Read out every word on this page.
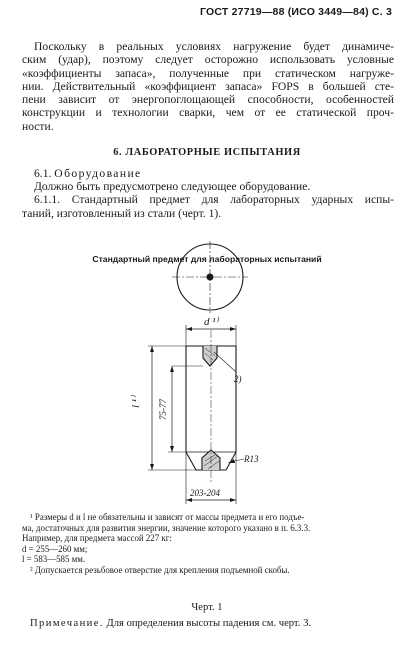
ГОСТ 27719—88 (ИСО 3449—84) С. 3
Поскольку в реальных условиях нагружение будет динамиче-
ским (удар), поэтому следует осторожно использовать условные
«коэффициенты запаса», полученные при статическом нагруже-
нии. Действительный «коэффициент запаса» FOPS в большей сте-
пени зависит от энергопоглощающей способности, особенностей
конструкции и технологии сварки, чем от ее статической проч-
ности.
6. ЛАБОРАТОРНЫЕ ИСПЫТАНИЯ
6.1. Оборудование
Должно быть предусмотрено следующее оборудование.
6.1.1. Стандартный предмет для лабораторных ударных испы-
таний, изготовленный из стали (черт. 1).
Стандартный предмет для лабораторных испытаний
d ¹⁾
l ¹⁾ 75-77
2)
R13
203-204
¹ Размеры d и l не обязательны и зависят от массы предмета и его подъе-
ма, достаточных для развития энергии, значение которого указано в п. 6.3.3.
Например, для предмета массой 227 кг:
d = 255—260 мм;
l = 583—585 мм.
² Допускается резьбовое отверстие для крепления подъемной скобы.
Черт. 1
Примечание. Для определения высоты падения см. черт. 3.
